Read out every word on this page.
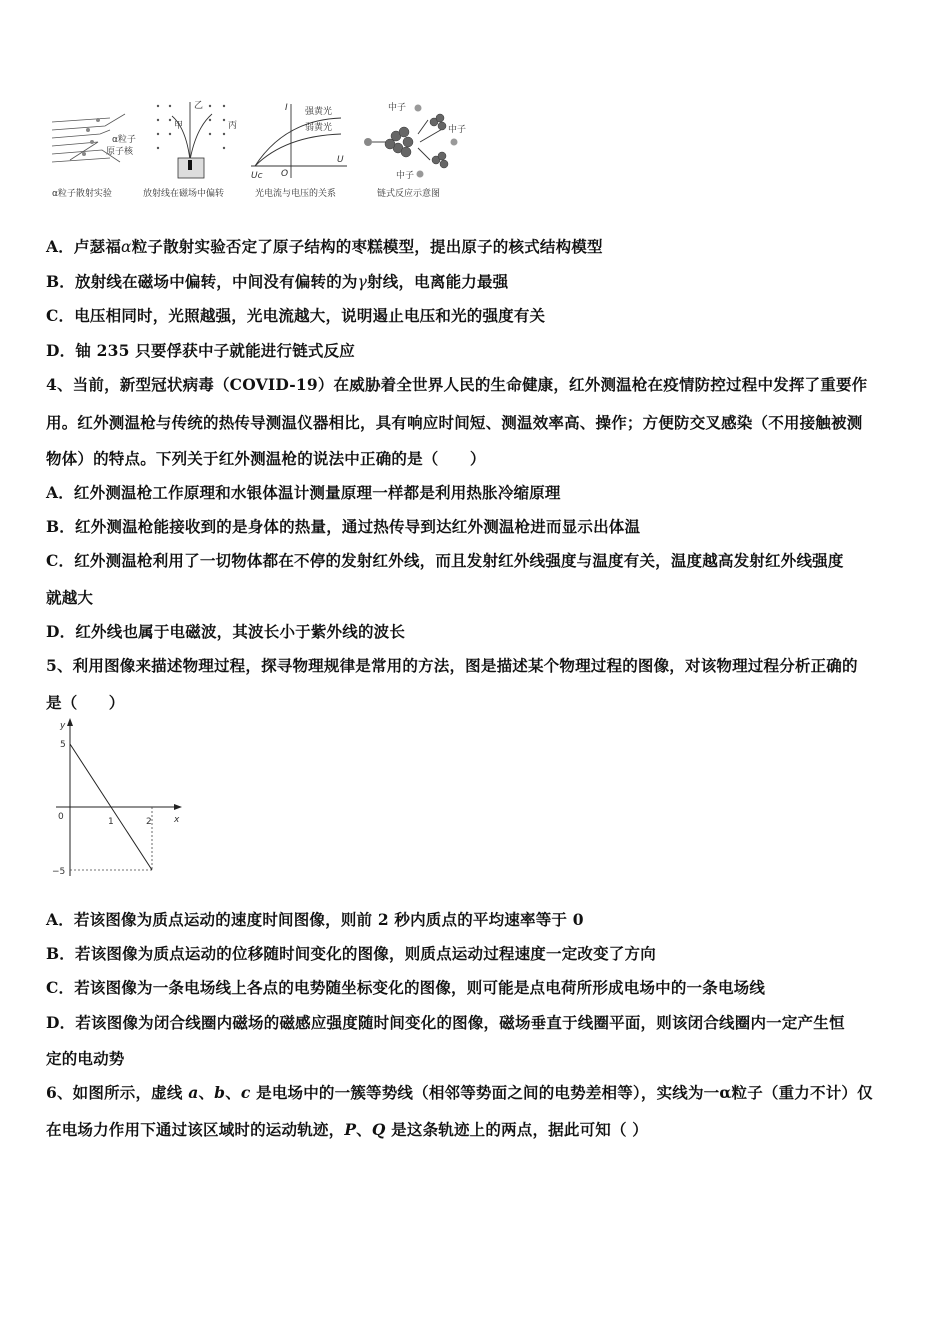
α粒子
原子核
α粒子散射实验
乙
甲	丙
放射线在磁场中偏转
I 强黄光
弱黄光
Uc O
U
光电流与电压的关系
中子
中子
中子
链式反应示意图
A．卢瑟福α粒子散射实验否定了原子结构的枣糕模型，提出原子的核式结构模型
B．放射线在磁场中偏转，中间没有偏转的为γ射线，电离能力最强
C．电压相同时，光照越强，光电流越大，说明遏止电压和光的强度有关
D．铀 235 只要俘获中子就能进行链式反应
4、当前，新型冠状病毒（COVID-19）在威胁着全世界人民的生命健康，红外测温枪在疫情防控过程中发挥了重要作
用。红外测温枪与传统的热传导测温仪器相比，具有响应时间短、测温效率高、操作；方便防交叉感染（不用接触被测
物体）的特点。下列关于红外测温枪的说法中正确的是（　　）
A．红外测温枪工作原理和水银体温计测量原理一样都是利用热胀冷缩原理
B．红外测温枪能接收到的是身体的热量，通过热传导到达红外测温枪进而显示出体温
C．红外测温枪利用了一切物体都在不停的发射红外线，而且发射红外线强度与温度有关，温度越高发射红外线强度
就越大
D．红外线也属于电磁波，其波长小于紫外线的波长
5、利用图像来描述物理过程，探寻物理规律是常用的方法，图是描述某个物理过程的图像，对该物理过程分析正确的
是（　　）
y
x
0
5
−5
1	2
A．若该图像为质点运动的速度时间图像，则前 2 秒内质点的平均速率等于 0
B．若该图像为质点运动的位移随时间变化的图像，则质点运动过程速度一定改变了方向
C．若该图像为一条电场线上各点的电势随坐标变化的图像，则可能是点电荷所形成电场中的一条电场线
D．若该图像为闭合线圈内磁场的磁感应强度随时间变化的图像，磁场垂直于线圈平面，则该闭合线圈内一定产生恒
定的电动势
6、如图所示，虚线 a、b、c 是电场中的一簇等势线（相邻等势面之间的电势差相等），实线为一α粒子（重力不计）仅
在电场力作用下通过该区域时的运动轨迹，P、Q 是这条轨迹上的两点，据此可知（ ）
